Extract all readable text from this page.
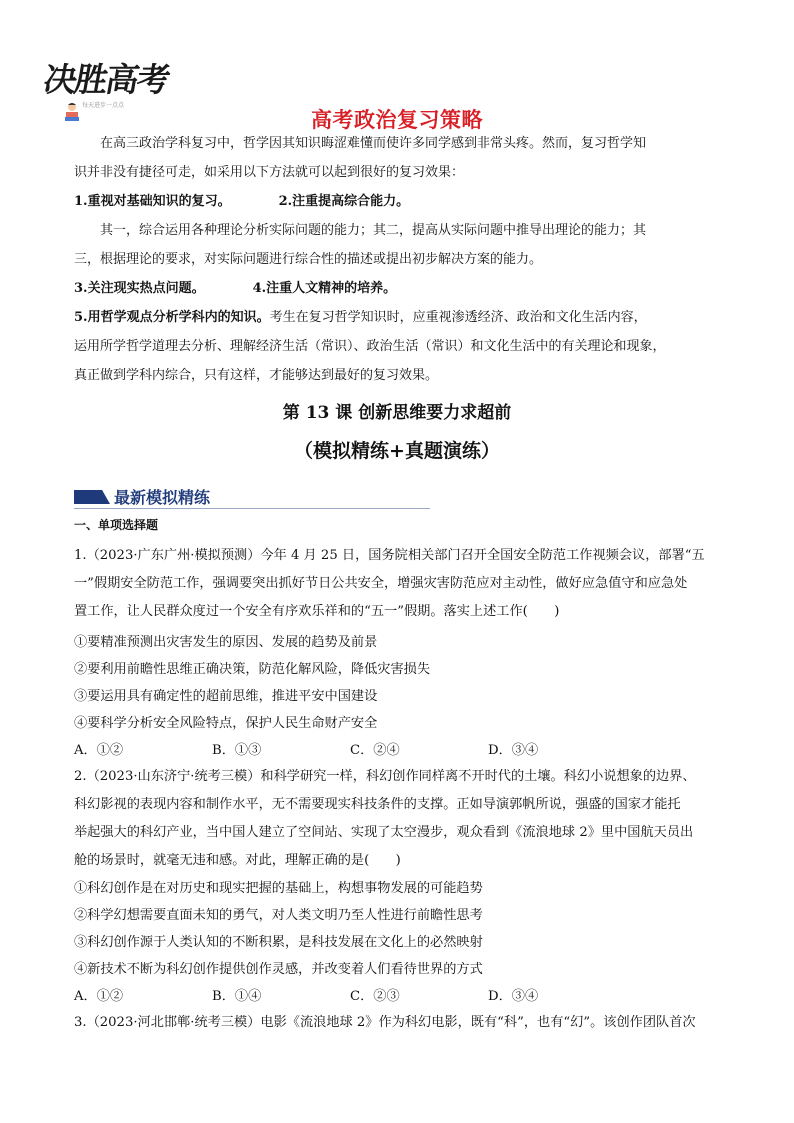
决胜高考
每天进步一点点
高考政治复习策略
在高三政治学科复习中，哲学因其知识晦涩难懂而使许多同学感到非常头疼。然而，复习哲学知
识并非没有捷径可走，如采用以下方法就可以起到很好的复习效果：
1.重视对基础知识的复习。	2.注重提高综合能力。
其一，综合运用各种理论分析实际问题的能力；其二，提高从实际问题中推导出理论的能力；其
三，根据理论的要求，对实际问题进行综合性的描述或提出初步解决方案的能力。
3.关注现实热点问题。	4.注重人文精神的培养。
5.用哲学观点分析学科内的知识。考生在复习哲学知识时，应重视渗透经济、政治和文化生活内容，
运用所学哲学道理去分析、理解经济生活（常识）、政治生活（常识）和文化生活中的有关理论和现象，
真正做到学科内综合，只有这样，才能够达到最好的复习效果。
第 13 课 创新思维要力求超前
（模拟精练+真题演练）
最新模拟精练
一、单项选择题
1.（2023·广东广州·模拟预测）今年 4 月 25 日，国务院相关部门召开全国安全防范工作视频会议，部署“五
一”假期安全防范工作，强调要突出抓好节日公共安全，增强灾害防范应对主动性，做好应急值守和应急处
置工作，让人民群众度过一个安全有序欢乐祥和的“五一”假期。落实上述工作(　　)
①要精准预测出灾害发生的原因、发展的趋势及前景
②要利用前瞻性思维正确决策，防范化解风险，降低灾害损失
③要运用具有确定性的超前思维，推进平安中国建设
④要科学分析安全风险特点，保护人民生命财产安全
A．①②	B．①③	C．②④	D．③④
2.（2023·山东济宁·统考三模）和科学研究一样，科幻创作同样离不开时代的土壤。科幻小说想象的边界、
科幻影视的表现内容和制作水平，无不需要现实科技条件的支撑。正如导演郭帆所说，强盛的国家才能托
举起强大的科幻产业，当中国人建立了空间站、实现了太空漫步，观众看到《流浪地球 2》里中国航天员出
舱的场景时，就毫无违和感。对此，理解正确的是(　　)
①科幻创作是在对历史和现实把握的基础上，构想事物发展的可能趋势
②科学幻想需要直面未知的勇气，对人类文明乃至人性进行前瞻性思考
③科幻创作源于人类认知的不断积累，是科技发展在文化上的必然映射
④新技术不断为科幻创作提供创作灵感，并改变着人们看待世界的方式
A．①②	B．①④	C．②③	D．③④
3.（2023·河北邯郸·统考三模）电影《流浪地球 2》作为科幻电影，既有“科”，也有“幻”。该创作团队首次
